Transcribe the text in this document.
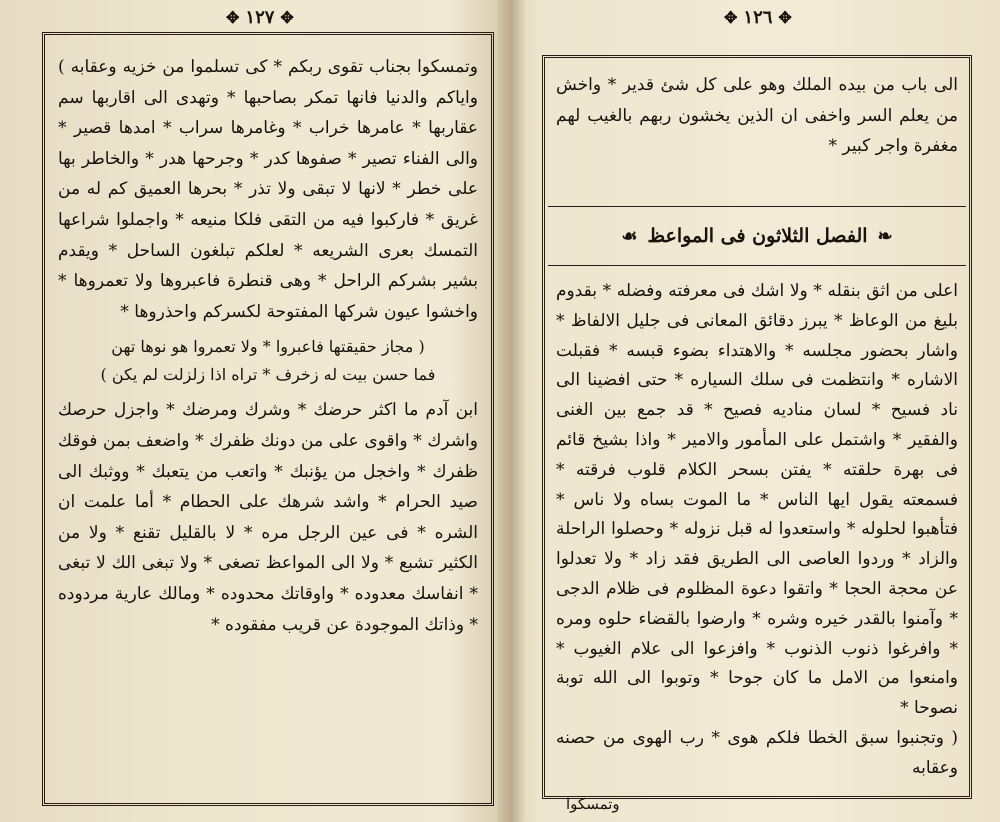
✥
١٢٧
✥

وتمسكوا بجناب تقوى ربكم * كى تسلموا من خزيه وعقابه ) واياكم والدنيا فانها تمكر بصاحبها * وتهدى الى اقاربها سم عقاربها * عامرها خراب * وغامرها سراب * امدها قصير * والى الفناء تصير * صفوها كدر * وجرحها هدر * والخاطر بها على خطر * لانها لا تبقى ولا تذر * بحرها العميق كم له من غريق * فاركبوا فيه من التقى فلكا منيعه * واجملوا شراعها التمسك بعرى الشريعه * لعلكم تبلغون الساحل * ويقدم بشير بشركم الراحل * وهى قنطرة فاعبروها ولا تعمروها * واخشوا عيون شركها المفتوحة لكسركم واحذروها *

( مجاز حقيقتها فاعبروا * ولا تعمروا هو نوها تهن
فما حسن بيت له زخرف * تراه اذا زلزلت لم يكن )

ابن آدم ما اكثر حرضك * وشرك ومرضك * واجزل حرصك واشرك * واقوى على من دونك ظفرك * واضعف بمن فوقك ظفرك * واخجل من يؤنبك * واتعب من يتعبك * ووثبك الى صيد الحرام * واشد شرهك على الحطام * أما علمت ان الشره * فى عين الرجل مره * لا بالقليل تقنع * ولا من الكثير تشبع * ولا الى المواعظ تصغى * ولا تبغى الك لا تبغى * انفاسك معدوده * واوقاتك محدوده * ومالك عارية مردوده * وذاتك الموجودة عن قريب مفقوده *

✥
١٢٦
✥

الى باب من بيده الملك وهو على كل شئ قدير * واخش من يعلم السر واخفى ان الذين يخشون ربهم بالغيب لهم مغفرة واجر كبير *

❧
الفصل الثلاثون فى المواعظ
☙

اعلى من اثق بنقله * ولا اشك فى معرفته وفضله * بقدوم بليغ من الوعاظ * يبرز دقائق المعانى فى جليل الالفاظ * واشار بحضور مجلسه * والاهتداء بضوء قبسه * فقبلت الاشاره * وانتظمت فى سلك السياره * حتى افضينا الى ناد فسيح * لسان مناديه فصيح * قد جمع بين الغنى والفقير * واشتمل على المأمور والامير * واذا بشيخ قائم فى بهرة حلقته * يفتن بسحر الكلام قلوب فرقته * فسمعته يقول ايها الناس * ما الموت بساه ولا ناس * فتأهبوا لحلوله * واستعدوا له قبل نزوله * وحصلوا الراحلة والزاد * وردوا العاصى الى الطريق فقد زاد * ولا تعدلوا عن محجة الحجا * واتقوا دعوة المظلوم فى ظلام الدجى * وآمنوا بالقدر خيره وشره * وارضوا بالقضاء حلوه ومره * وافرغوا ذنوب الذنوب * وافزعوا الى علام الغيوب * وامنعوا من الامل ما كان جوحا * وتوبوا الى الله توبة نصوحا *

( وتجنبوا سبق الخطا فلكم هوى * رب الهوى من حصنه وعقابه

وتمسكوا
